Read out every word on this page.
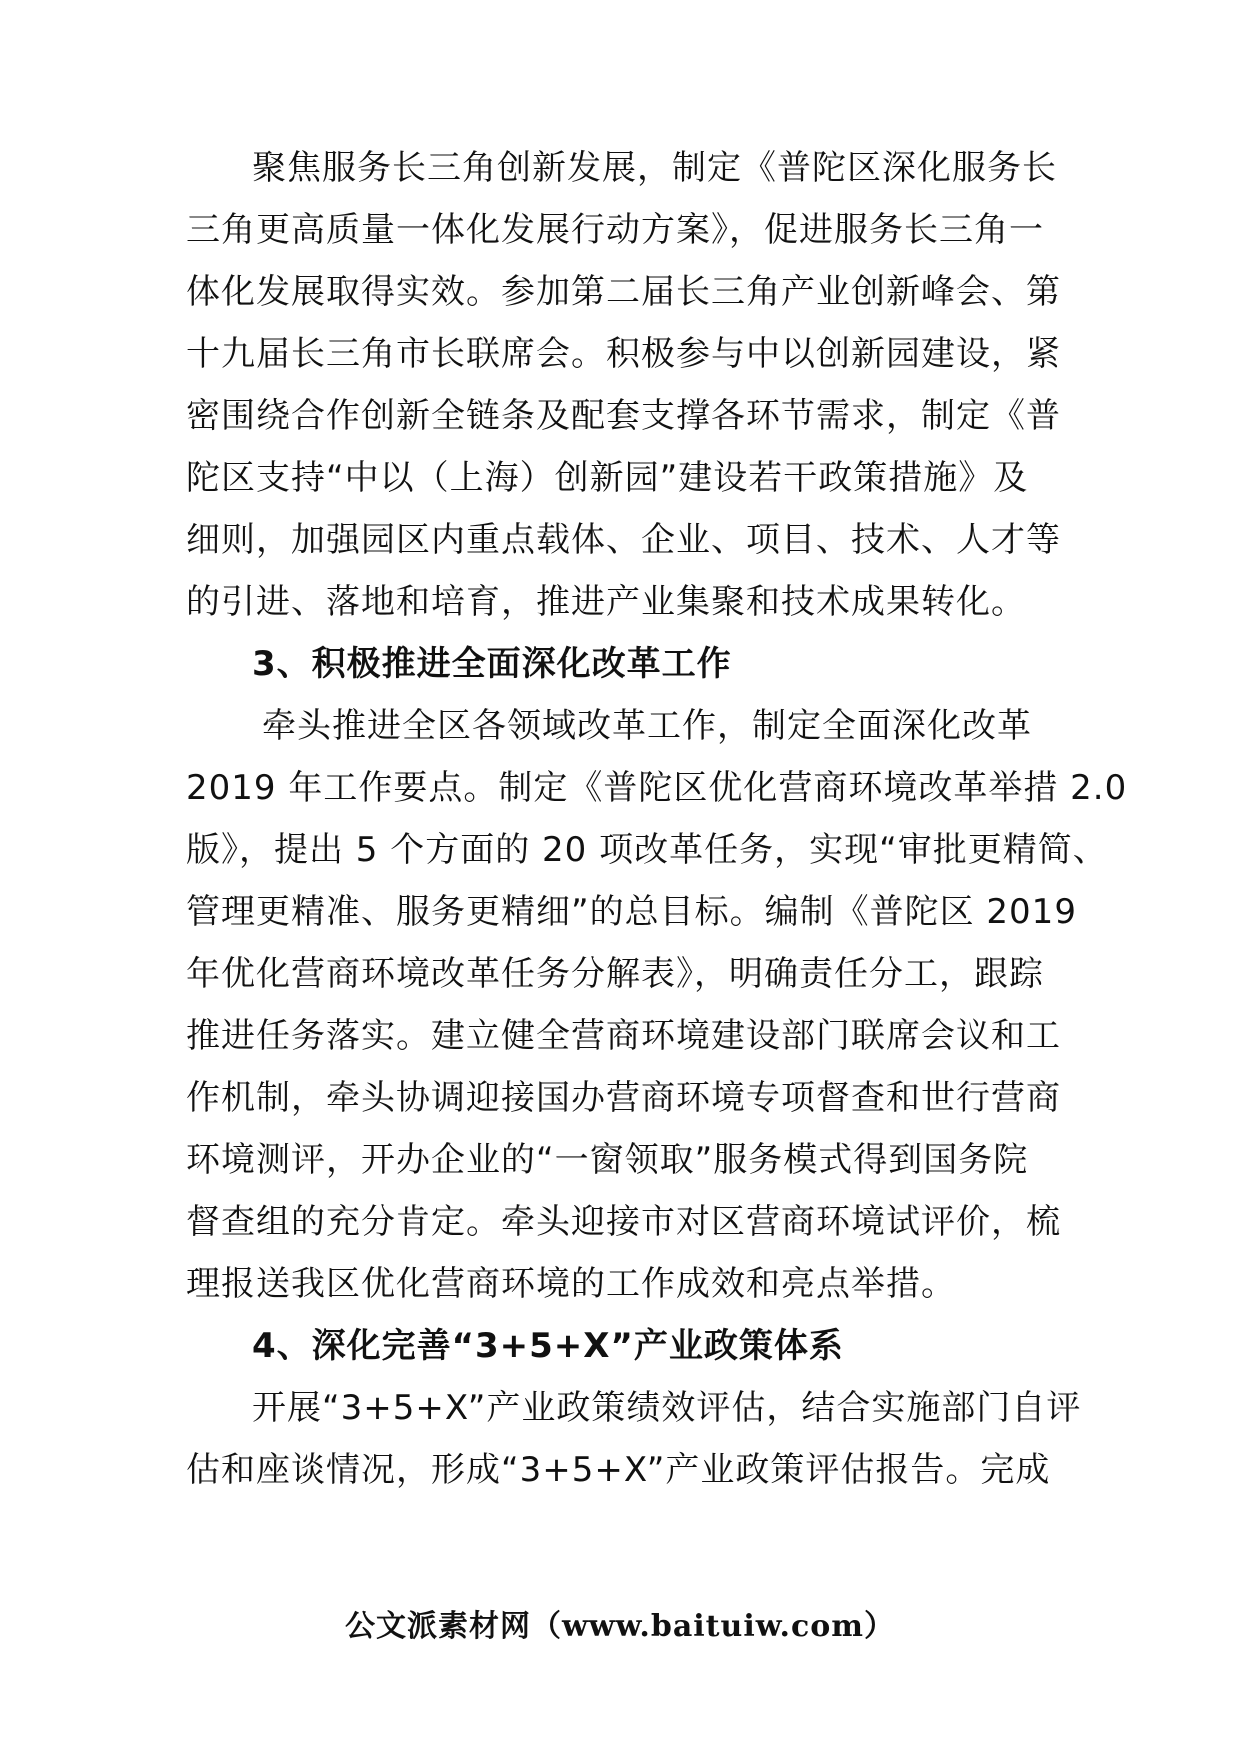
聚焦服务长三角创新发展，制定《普陀区深化服务长
三角更高质量一体化发展行动方案》，促进服务长三角一
体化发展取得实效。参加第二届长三角产业创新峰会、第
十九届长三角市长联席会。积极参与中以创新园建设，紧
密围绕合作创新全链条及配套支撑各环节需求，制定《普
陀区支持“中以（上海）创新园”建设若干政策措施》及
细则，加强园区内重点载体、企业、项目、技术、人才等
的引进、落地和培育，推进产业集聚和技术成果转化。
3、积极推进全面深化改革工作
牵头推进全区各领域改革工作，制定全面深化改革
2019 年工作要点。制定《普陀区优化营商环境改革举措 2.0
版》，提出 5 个方面的 20 项改革任务，实现“审批更精简、
管理更精准、服务更精细”的总目标。编制《普陀区 2019
年优化营商环境改革任务分解表》，明确责任分工，跟踪
推进任务落实。建立健全营商环境建设部门联席会议和工
作机制，牵头协调迎接国办营商环境专项督查和世行营商
环境测评，开办企业的“一窗领取”服务模式得到国务院
督查组的充分肯定。牵头迎接市对区营商环境试评价，梳
理报送我区优化营商环境的工作成效和亮点举措。
4、深化完善“3+5+X”产业政策体系
开展“3+5+X”产业政策绩效评估，结合实施部门自评
估和座谈情况，形成“3+5+X”产业政策评估报告。完成
公文派素材网（www.baituiw.com）
